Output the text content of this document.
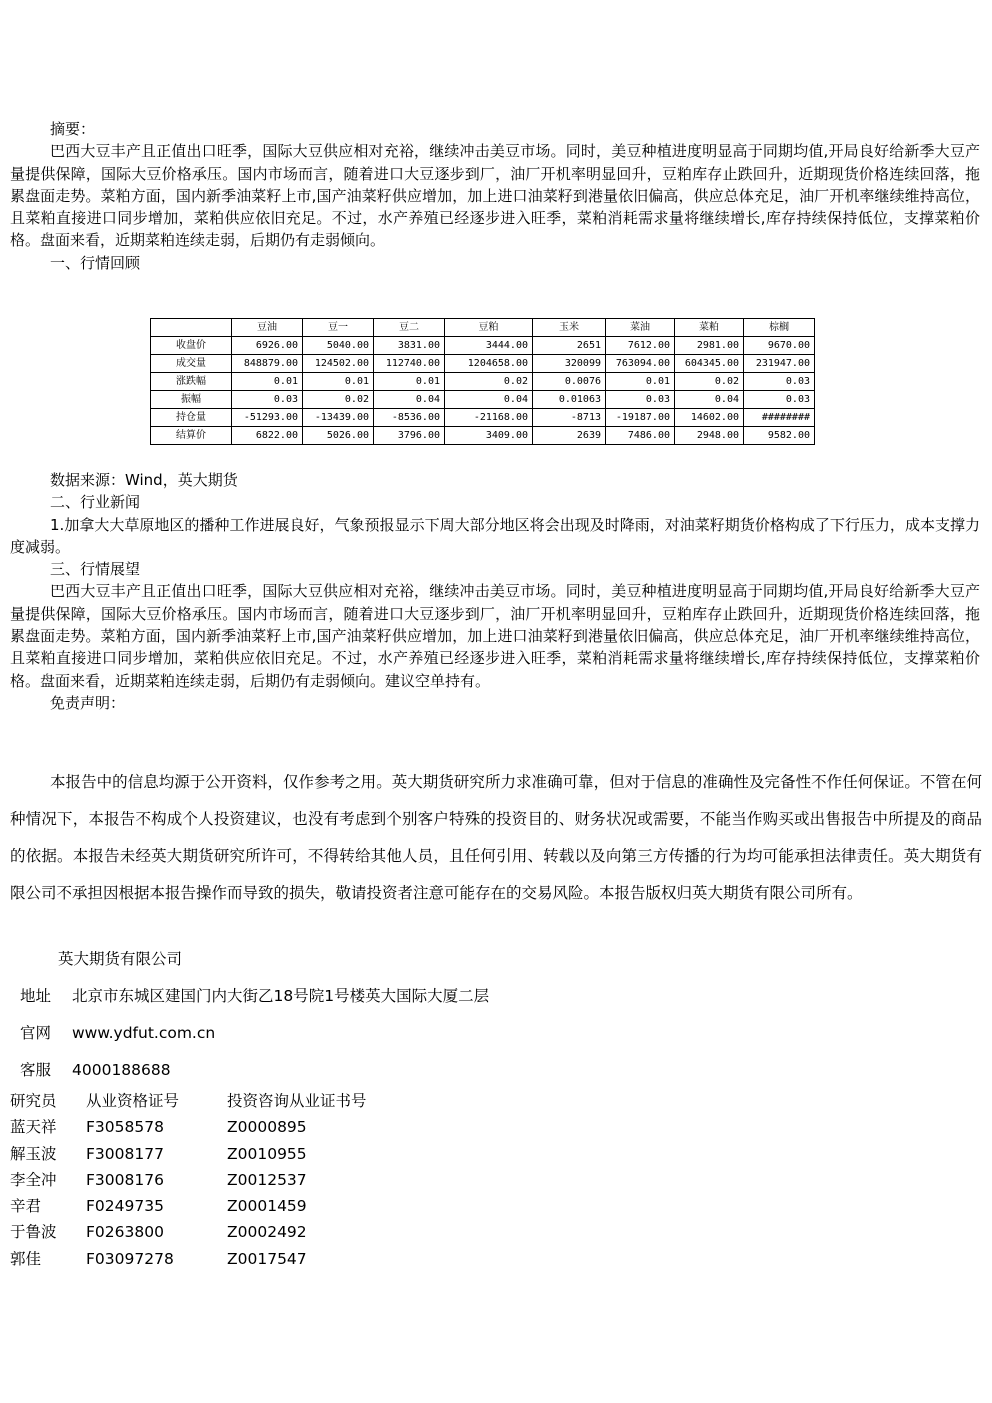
摘要：

巴西大豆丰产且正值出口旺季，国际大豆供应相对充裕，继续冲击美豆市场。同时，美豆种植进度明显高于同期均值,开局良好给新季大豆产量提供保障，国际大豆价格承压。国内市场而言，随着进口大豆逐步到厂，油厂开机率明显回升，豆粕库存止跌回升，近期现货价格连续回落，拖累盘面走势。菜粕方面，国内新季油菜籽上市,国产油菜籽供应增加，加上进口油菜籽到港量依旧偏高，供应总体充足，油厂开机率继续维持高位，且菜粕直接进口同步增加，菜粕供应依旧充足。不过，水产养殖已经逐步进入旺季，菜粕消耗需求量将继续增长,库存持续保持低位，支撑菜粕价格。盘面来看，近期菜粕连续走弱，后期仍有走弱倾向。

一、行情回顾

	豆油	豆一	豆二	豆粕	玉米	菜油	菜粕	棕榈
收盘价	6926.00	5040.00	3831.00	3444.00	2651	7612.00	2981.00	9670.00
成交量	848879.00	124502.00	112740.00	1204658.00	320099	763094.00	604345.00	231947.00
涨跌幅	0.01	0.01	0.01	0.02	0.0076	0.01	0.02	0.03
振幅	0.03	0.02	0.04	0.04	0.01063	0.03	0.04	0.03
持仓量	-51293.00	-13439.00	-8536.00	-21168.00	-8713	-19187.00	14602.00	########
结算价	6822.00	5026.00	3796.00	3409.00	2639	7486.00	2948.00	9582.00

数据来源：Wind，英大期货

二、行业新闻

1.加拿大大草原地区的播种工作进展良好，气象预报显示下周大部分地区将会出现及时降雨，对油菜籽期货价格构成了下行压力，成本支撑力度减弱。

三、行情展望

巴西大豆丰产且正值出口旺季，国际大豆供应相对充裕，继续冲击美豆市场。同时，美豆种植进度明显高于同期均值,开局良好给新季大豆产量提供保障，国际大豆价格承压。国内市场而言，随着进口大豆逐步到厂，油厂开机率明显回升，豆粕库存止跌回升，近期现货价格连续回落，拖累盘面走势。菜粕方面，国内新季油菜籽上市,国产油菜籽供应增加，加上进口油菜籽到港量依旧偏高，供应总体充足，油厂开机率继续维持高位，且菜粕直接进口同步增加，菜粕供应依旧充足。不过，水产养殖已经逐步进入旺季，菜粕消耗需求量将继续增长,库存持续保持低位，支撑菜粕价格。盘面来看，近期菜粕连续走弱，后期仍有走弱倾向。建议空单持有。

免责声明：

本报告中的信息均源于公开资料，仅作参考之用。英大期货研究所力求准确可靠，但对于信息的准确性及完备性不作任何保证。不管在何种情况下，本报告不构成个人投资建议，也没有考虑到个别客户特殊的投资目的、财务状况或需要，不能当作购买或出售报告中所提及的商品的依据。本报告未经英大期货研究所许可，不得转给其他人员，且任何引用、转载以及向第三方传播的行为均可能承担法律责任。英大期货有限公司不承担因根据本报告操作而导致的损失，敬请投资者注意可能存在的交易风险。本报告版权归英大期货有限公司所有。

英大期货有限公司
地址 北京市东城区建国门内大街乙18号院1号楼英大国际大厦二层
官网 www.ydfut.com.cn
客服 4000188688
研究员	从业资格证号	投资咨询从业证书号
蓝天祥	F3058578	Z0000895
解玉波	F3008177	Z0010955
李全冲	F3008176	Z0012537
辛君	F0249735	Z0001459
于鲁波	F0263800	Z0002492
郭佳	F03097278	Z0017547
